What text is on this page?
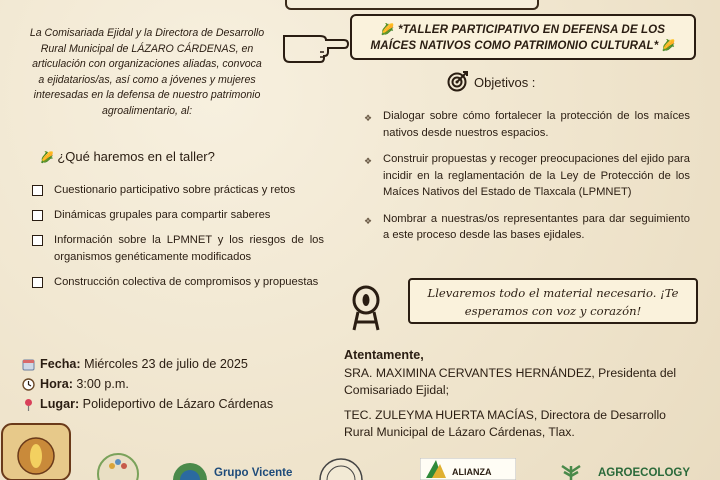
La Comisariada Ejidal y la Directora de Desarrollo Rural Municipal de LÁZARO CÁRDENAS, en articulación con organizaciones aliadas, convoca a ejidatarios/as, así como a jóvenes y mujeres interesadas en la defensa de nuestro patrimonio agroalimentario, al:
🌽 *TALLER PARTICIPATIVO EN DEFENSA DE LOS
MAÍCES NATIVOS COMO PATRIMONIO CULTURAL* 🌽
🌽 ¿Qué haremos en el taller?
Cuestionario participativo sobre prácticas y retos
Dinámicas grupales para compartir saberes
Información sobre la LPMNET y los riesgos de los organismos genéticamente modificados
Construcción colectiva de compromisos y propuestas
Objetivos :
❖ Dialogar sobre cómo fortalecer la protección de los maíces nativos desde nuestros espacios.
❖ Construir propuestas y recoger preocupaciones del ejido para incidir en la reglamentación de la Ley de Protección de los Maíces Nativos del Estado de Tlaxcala (LPMNET)
❖ Nombrar a nuestras/os representantes para dar seguimiento a este proceso desde las bases ejidales.
Llevaremos todo el material necesario. ¡Te
esperamos con voz y corazón!
Fecha: Miércoles 23 de julio de 2025
Hora: 3:00 p.m.
Lugar: Polideportivo de Lázaro Cárdenas

Atentamente,

SRA. MAXIMINA CERVANTES HERNÁNDEZ, Presidenta del Comisariado Ejidal;

TEC. ZULEYMA HUERTA MACÍAS, Directora de Desarrollo Rural Municipal de Lázaro Cárdenas, Tlax.

Grupo Vicente	ALIANZA	AGROECOLOGY
